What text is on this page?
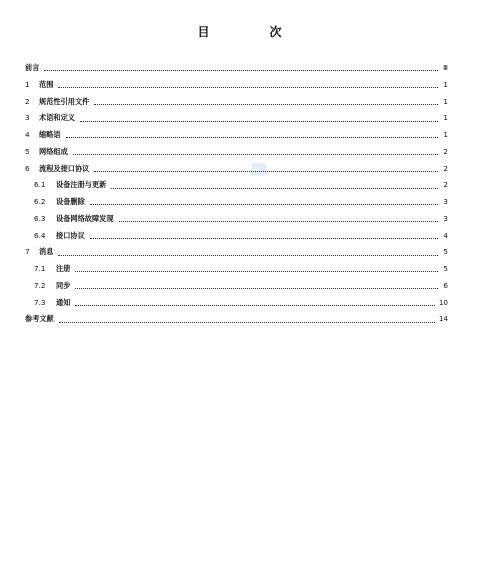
目　次
前言	Ⅲ
1	范围	1
2	规范性引用文件	1
3	术语和定义	1
4	缩略语	1
5	网络组成	2
6	流程及接口协议	2
6.1	设备注册与更新	2
6.2	设备删除	3
6.3	设备网络故障发现	3
6.4	接口协议	4
7	消息	5
7.1	注册	5
7.2	同步	6
7.3	通知	10
参考文献	14
